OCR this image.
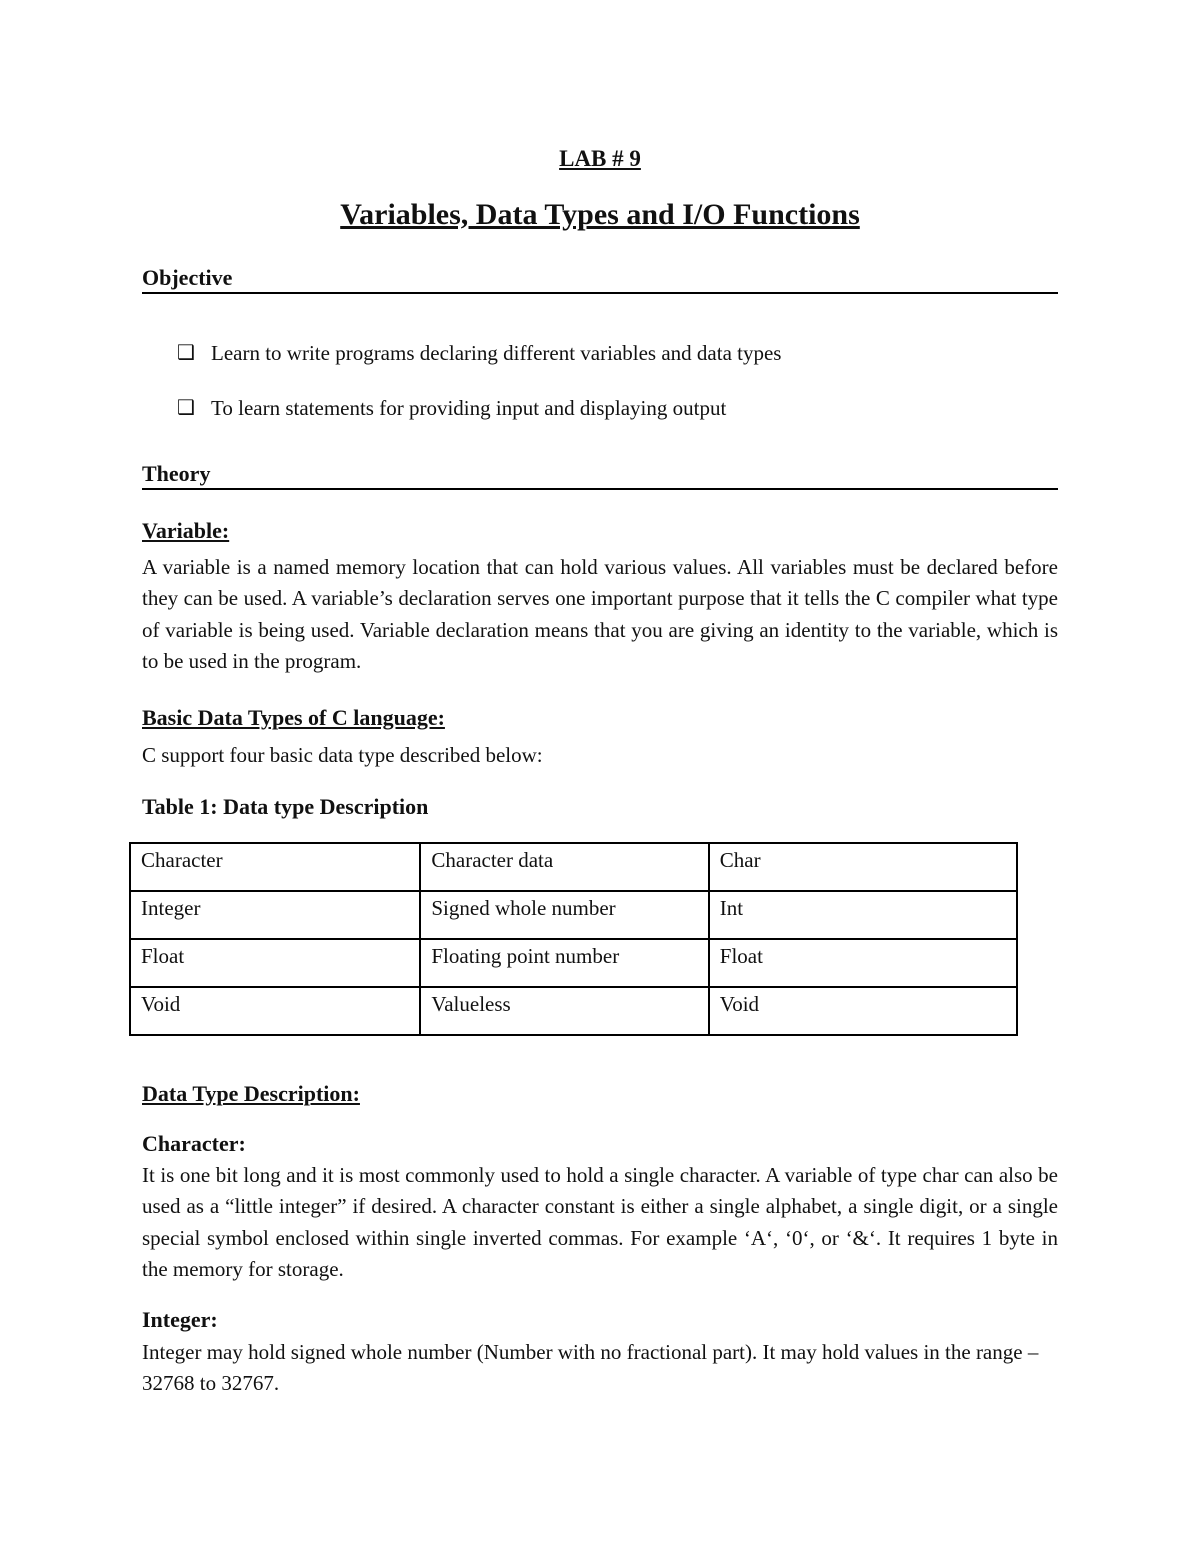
LAB # 9
Variables, Data Types and I/O Functions
Objective
❑ Learn to write programs declaring different variables and data types
❑ To learn statements for providing input and displaying output
Theory
Variable:

A variable is a named memory location that can hold various values. All variables must be declared before they can be used. A variable’s declaration serves one important purpose that it tells the C compiler what type of variable is being used. Variable declaration means that you are giving an identity to the variable, which is to be used in the program.

Basic Data Types of C language:

C support four basic data type described below:

Table 1: Data type Description
Character	Character data	Char
Integer	Signed whole number	Int
Float	Floating point number	Float
Void	Valueless	Void
Data Type Description:
Character:

It is one bit long and it is most commonly used to hold a single character. A variable of type char can also be used as a “little integer” if desired. A character constant is either a single alphabet, a single digit, or a single special symbol enclosed within single inverted commas. For example ‘A‘, ‘0‘, or ‘&‘. It requires 1 byte in the memory for storage.

Integer:

Integer may hold signed whole number (Number with no fractional part). It may hold values in the range –32768 to 32767.
